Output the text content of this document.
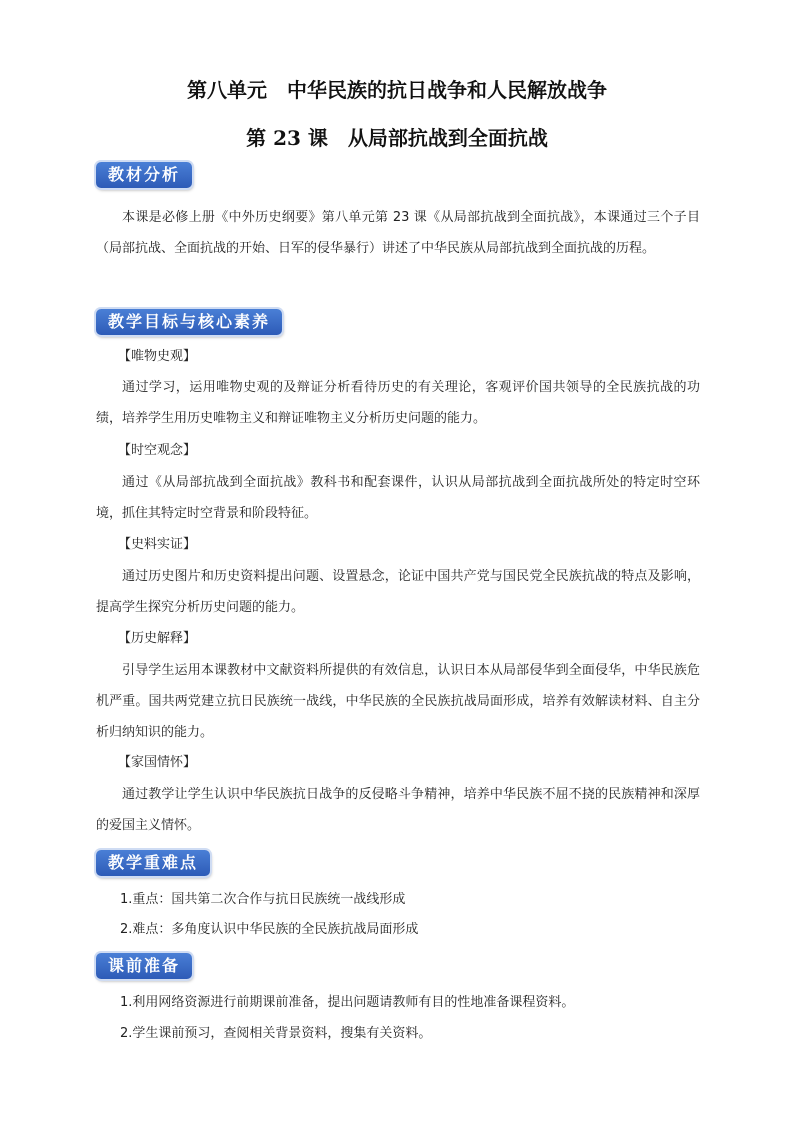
第八单元　中华民族的抗日战争和人民解放战争
第 23 课　从局部抗战到全面抗战
教材分析
本课是必修上册《中外历史纲要》第八单元第 23 课《从局部抗战到全面抗战》，本课通过三个子目（局部抗战、全面抗战的开始、日军的侵华暴行）讲述了中华民族从局部抗战到全面抗战的历程。
教学目标与核心素养
【唯物史观】
通过学习，运用唯物史观的及辩证分析看待历史的有关理论，客观评价国共领导的全民族抗战的功绩，培养学生用历史唯物主义和辩证唯物主义分析历史问题的能力。
【时空观念】
通过《从局部抗战到全面抗战》教科书和配套课件，认识从局部抗战到全面抗战所处的特定时空环境，抓住其特定时空背景和阶段特征。
【史料实证】
通过历史图片和历史资料提出问题、设置悬念，论证中国共产党与国民党全民族抗战的特点及影响，提高学生探究分析历史问题的能力。
【历史解释】
引导学生运用本课教材中文献资料所提供的有效信息，认识日本从局部侵华到全面侵华，中华民族危机严重。国共两党建立抗日民族统一战线，中华民族的全民族抗战局面形成，培养有效解读材料、自主分析归纳知识的能力。
【家国情怀】
通过教学让学生认识中华民族抗日战争的反侵略斗争精神，培养中华民族不屈不挠的民族精神和深厚的爱国主义情怀。
教学重难点
1.重点：国共第二次合作与抗日民族统一战线形成
2.难点：多角度认识中华民族的全民族抗战局面形成
课前准备
1.利用网络资源进行前期课前准备，提出问题请教师有目的性地准备课程资料。
2.学生课前预习，查阅相关背景资料，搜集有关资料。
